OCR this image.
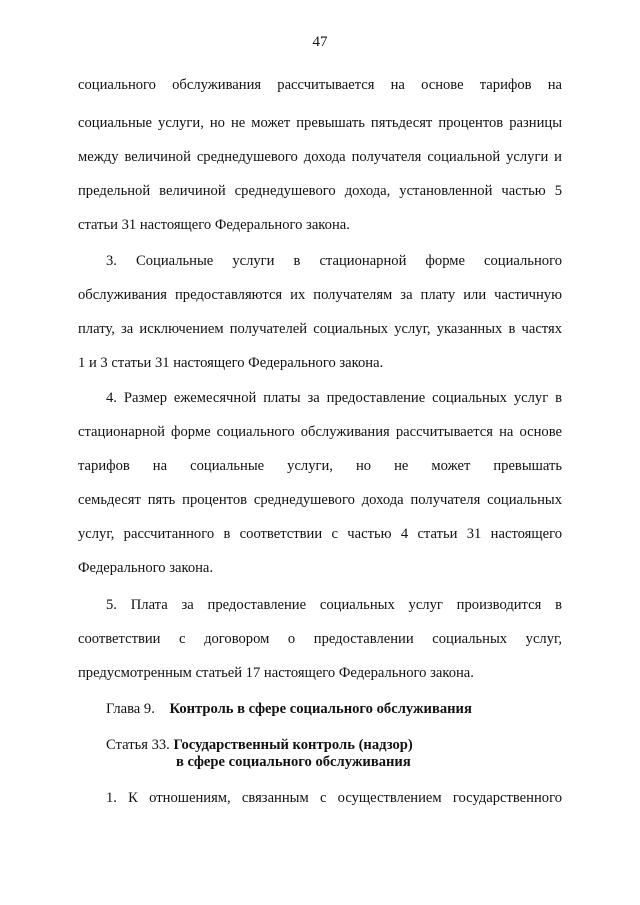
47
социального обслуживания рассчитывается на основе тарифов на
социальные услуги, но не может превышать пятьдесят процентов разницы
между величиной среднедушевого дохода получателя социальной услуги и
предельной величиной среднедушевого дохода, установленной частью 5
статьи 31 настоящего Федерального закона.
3. Социальные услуги в стационарной форме социального
обслуживания предоставляются их получателям за плату или частичную
плату, за исключением получателей социальных услуг, указанных в частях
1 и 3 статьи 31 настоящего Федерального закона.
4. Размер ежемесячной платы за предоставление социальных услуг в
стационарной форме социального обслуживания рассчитывается на основе
тарифов на социальные услуги, но не может превышать
семьдесят пять процентов среднедушевого дохода получателя социальных
услуг, рассчитанного в соответствии с частью 4 статьи 31 настоящего
Федерального закона.
5. Плата за предоставление социальных услуг производится в
соответствии с договором о предоставлении социальных услуг,
предусмотренным статьей 17 настоящего Федерального закона.
Глава 9. Контроль в сфере социального обслуживания
Статья 33. Государственный контроль (надзор)
в сфере социального обслуживания
1. К отношениям, связанным с осуществлением государственного
